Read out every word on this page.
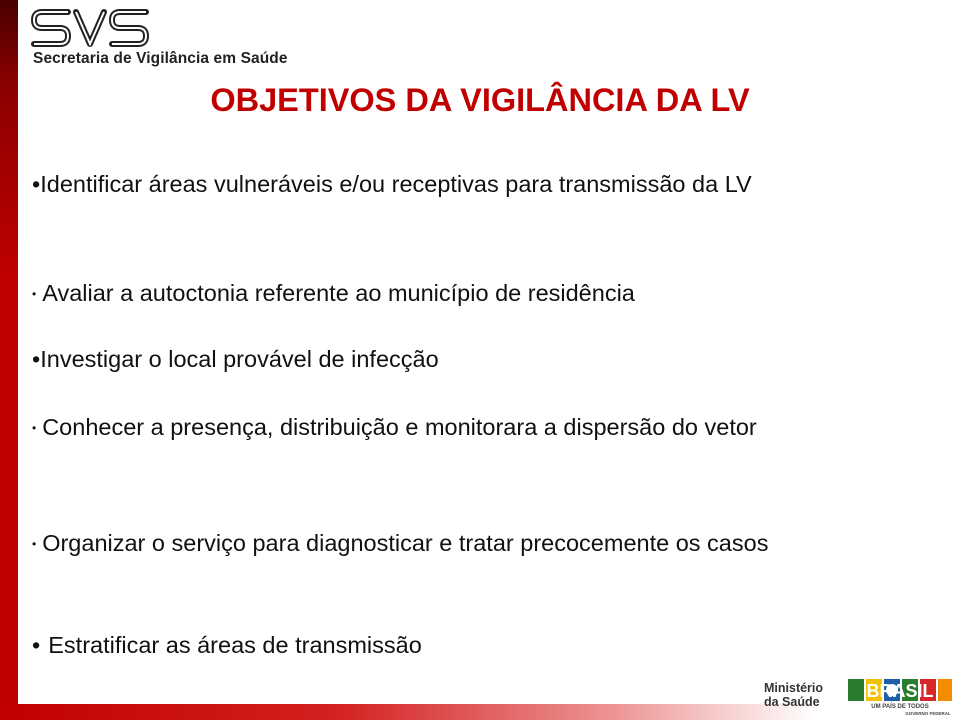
Secretaria de Vigilância em Saúde
OBJETIVOS DA VIGILÂNCIA DA LV
•Identificar áreas vulneráveis e/ou receptivas para transmissão da LV
• Avaliar a autoctonia referente ao município de residência
•Investigar o local provável de infecção
• Conhecer a presença, distribuição e monitorara a dispersão do vetor
• Organizar o serviço para diagnosticar e tratar precocemente os casos
• Estratificar as áreas de transmissão
Ministério
da Saúde
BRASIL
UM PAÍS DE TODOS
GOVERNO FEDERAL
